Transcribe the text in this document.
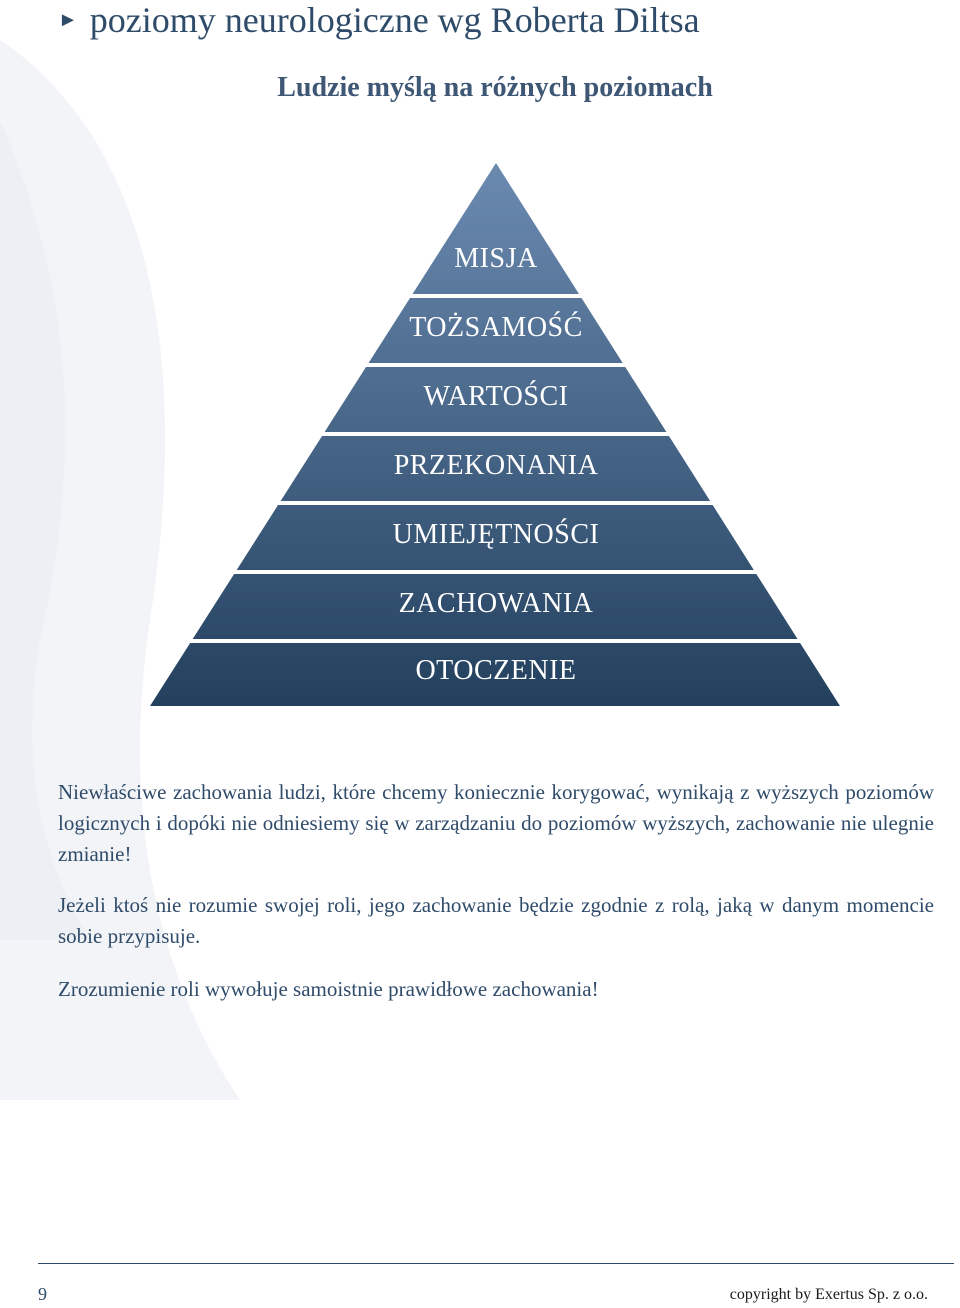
► poziomy neurologiczne wg Roberta Diltsa
Ludzie myślą na różnych poziomach
MISJA
TOŻSAMOŚĆ
WARTOŚCI
PRZEKONANIA
UMIEJĘTNOŚCI
ZACHOWANIA
OTOCZENIE

Niewłaściwe zachowania ludzi, które chcemy koniecznie korygować, wynikają z wyższych poziomów logicznych i dopóki nie odniesiemy się w zarządzaniu do poziomów wyższych, zachowanie nie ulegnie zmianie!

Jeżeli ktoś nie rozumie swojej roli, jego zachowanie będzie zgodnie z rolą, jaką w danym momencie sobie przypisuje.

Zrozumienie roli wywołuje samoistnie prawidłowe zachowania!

9	copyright by Exertus Sp. z o.o.
